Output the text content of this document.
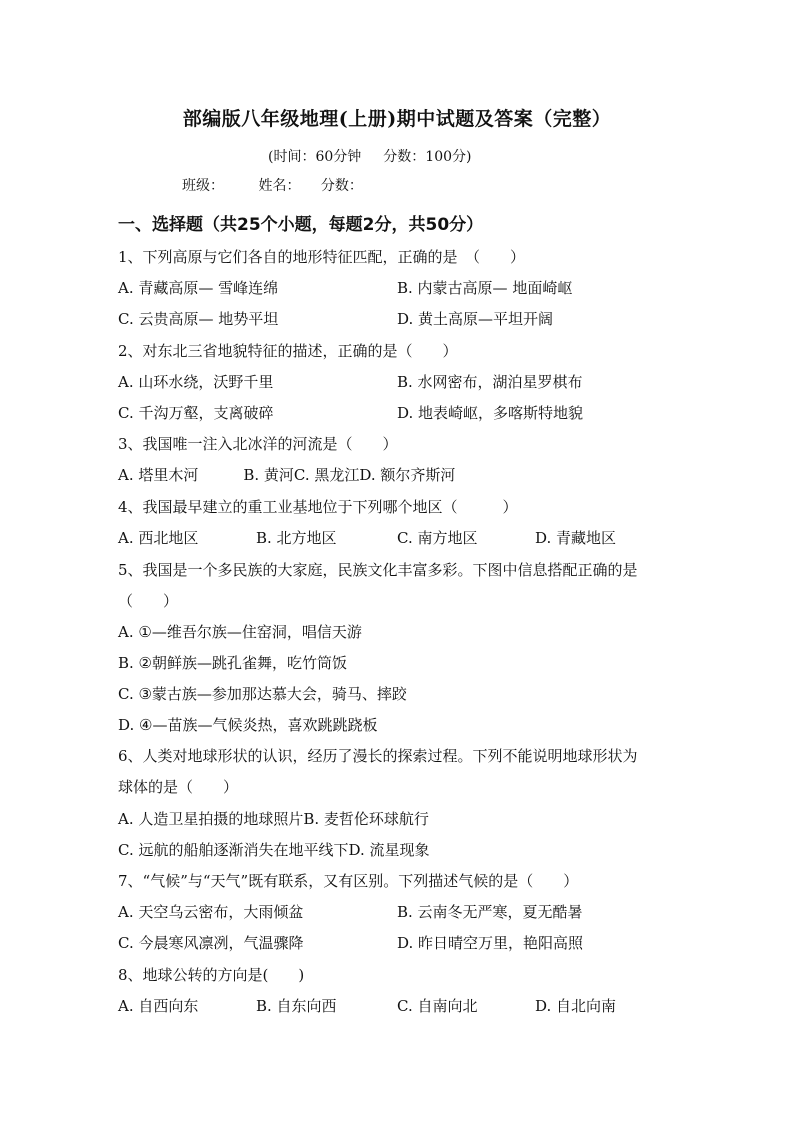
部编版八年级地理(上册)期中试题及答案（完整）
(时间：60分钟 分数：100分)
班级： 姓名： 分数：
一、选择题（共25个小题，每题2分，共50分）
1、下列高原与它们各自的地形特征匹配，正确的是　（　　）
A. 青藏高原— 雪峰连绵	B. 内蒙古高原— 地面崎岖
C. 云贵高原— 地势平坦	D. 黄土高原—平坦开阔
2、对东北三省地貌特征的描述，正确的是（　　）
A. 山环水绕，沃野千里	B. 水网密布，湖泊星罗棋布
C. 千沟万壑，支离破碎	D. 地表崎岖，多喀斯特地貌
3、我国唯一注入北冰洋的河流是（　　）
A. 塔里木河　　　B. 黄河C. 黑龙江D. 额尔齐斯河
4、我国最早建立的重工业基地位于下列哪个地区（　　　）
A. 西北地区	B. 北方地区	C. 南方地区	D. 青藏地区
5、我国是一个多民族的大家庭，民族文化丰富多彩。下图中信息搭配正确的是
（　　）
A. ①—维吾尔族—住窑洞，唱信天游
B. ②朝鲜族—跳孔雀舞，吃竹筒饭
C. ③蒙古族—参加那达慕大会，骑马、摔跤
D. ④—苗族—气候炎热，喜欢跳跳跷板
6、人类对地球形状的认识，经历了漫长的探索过程。下列不能说明地球形状为
球体的是（　　）
A. 人造卫星拍摄的地球照片B. 麦哲伦环球航行
C. 远航的船舶逐渐消失在地平线下D. 流星现象
7、“气候”与“天气”既有联系，又有区别。下列描述气候的是（　　）
A. 天空乌云密布，大雨倾盆	B. 云南冬无严寒，夏无酷暑
C. 今晨寒风凛冽，气温骤降	D. 昨日晴空万里，艳阳高照
8、地球公转的方向是(　　)
A. 自西向东	B. 自东向西	C. 自南向北	D. 自北向南
